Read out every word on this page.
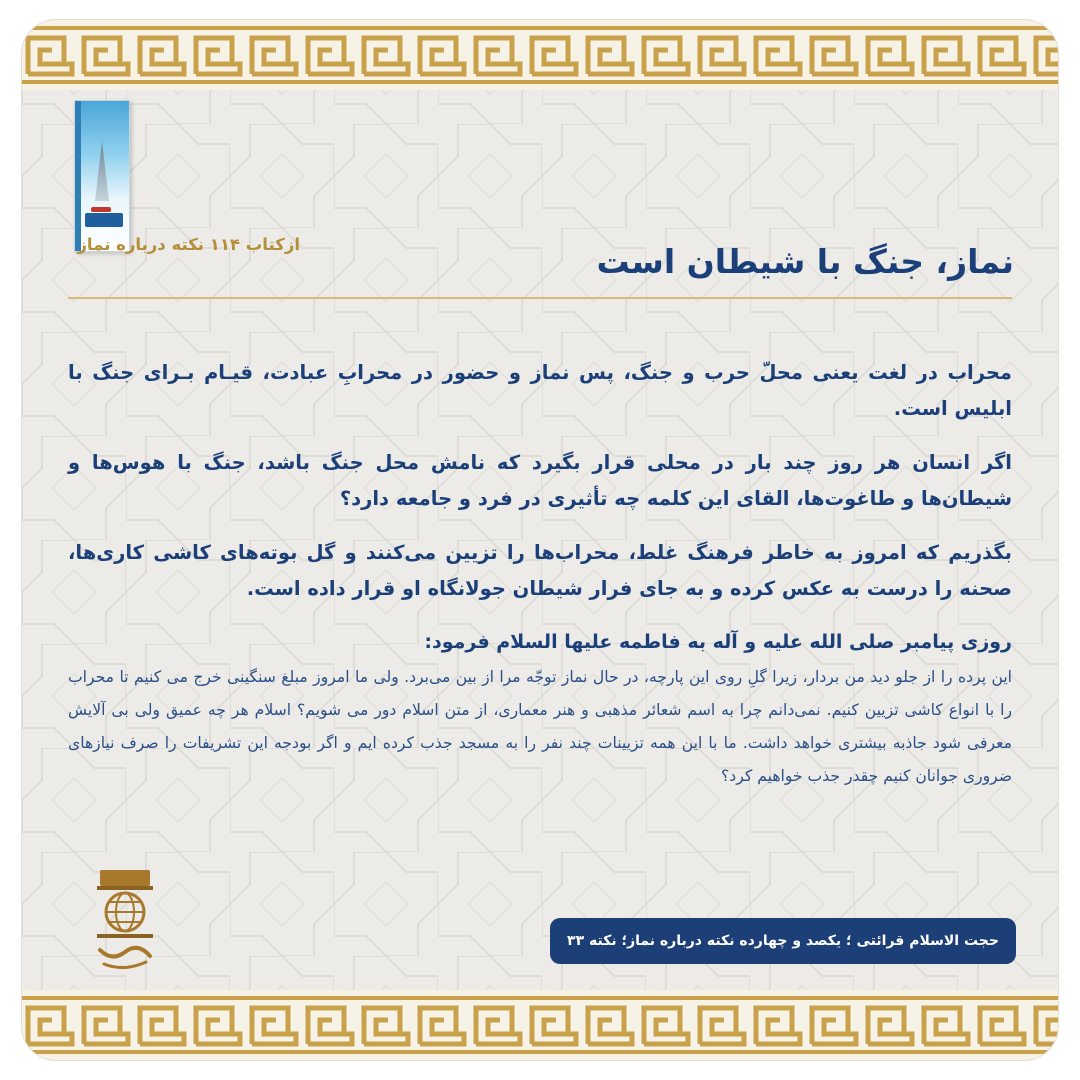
ازکتاب ۱۱۴ نکته درباره نماز	نماز، جنگ با شیطان است

محراب در لغت یعنی محلّ حرب و جنگ، پس نماز و حضور در محرابِ عبادت، قیـام بـرای جنگ با ابلیس است.

اگر انسان هر روز چند بار در محلی قرار بگیرد که نامش محل جنگ باشد، جنگ با هوس‌ها و شیطان‌ها و طاغوت‌ها، القای این کلمه چه تأثیری در فرد و جامعه دارد؟

بگذریم که امروز به خاطر فرهنگ غلط، محراب‌ها را تزیین می‌کنند و گل بوته‌های کاشی کاری‌ها، صحنه را درست به عکس کرده و به جای فرار شیطان جولانگاه او قرار داده است.

روزی پیامبر صلی الله علیه و آله به فاطمه علیها السلام فرمود:

این پرده را از جلو دید من بردار، زیرا گلِ روی این پارچه، در حال نماز توجّه مرا از بین می‌برد. ولی ما امروز مبلغ سنگینی خرج می کنیم تا محراب را با انواع کاشی تزیین کنیم. نمی‌دانم چرا به اسم شعائر مذهبی و هنر معماری، از متن اسلام دور می شویم؟ اسلام هر چه عمیق ولی بی آلایش معرفی شود جاذبه بیشتری خواهد داشت. ما با این همه تزیینات چند نفر را به مسجد جذب کرده ایم و اگر بودجه این تشریفات را صرف نیازهای ضروری جوانان کنیم چقدر جذب خواهیم کرد؟

حجت الاسلام قرائتی ؛ یکصد و چهارده نکته درباره نماز؛ نکته ۳۳
